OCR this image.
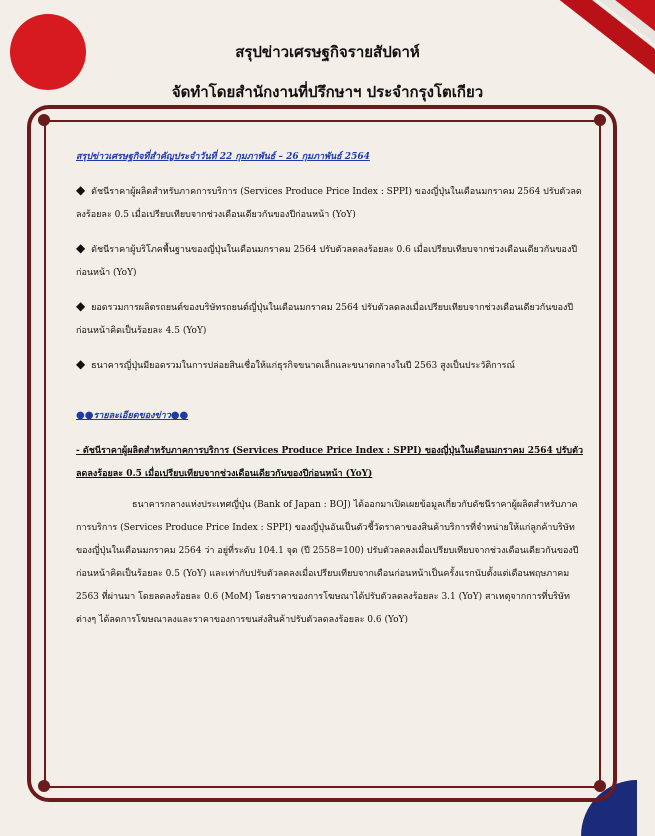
สรุปข่าวเศรษฐกิจรายสัปดาห์
จัดทำโดยสำนักงานที่ปรึกษาฯ ประจำกรุงโตเกียว

สรุปข่าวเศรษฐกิจที่สำคัญประจำวันที่ 22 กุมภาพันธ์ – 26 กุมภาพันธ์ 2564

◆ ดัชนีราคาผู้ผลิตสำหรับภาคการบริการ (Services Produce Price Index : SPPI) ของญี่ปุ่นในเดือนมกราคม 2564 ปรับตัวลดลงร้อยละ 0.5 เมื่อเปรียบเทียบจากช่วงเดือนเดียวกันของปีก่อนหน้า (YoY)

◆ ดัชนีราคาผู้บริโภคพื้นฐานของญี่ปุ่นในเดือนมกราคม 2564 ปรับตัวลดลงร้อยละ 0.6 เมื่อเปรียบเทียบจากช่วงเดือนเดียวกันของปีก่อนหน้า (YoY)

◆ ยอดรวมการผลิตรถยนต์ของบริษัทรถยนต์ญี่ปุ่นในเดือนมกราคม 2564 ปรับตัวลดลงเมื่อเปรียบเทียบจากช่วงเดือนเดียวกันของปีก่อนหน้าคิดเป็นร้อยละ 4.5 (YoY)

◆ ธนาคารญี่ปุ่นมียอดรวมในการปล่อยสินเชื่อให้แก่ธุรกิจขนาดเล็กและขนาดกลางในปี 2563 สูงเป็นประวัติการณ์

●●รายละเอียดของข่าว●●

- ดัชนีราคาผู้ผลิตสำหรับภาคการบริการ (Services Produce Price Index : SPPI) ของญี่ปุ่นในเดือนมกราคม 2564 ปรับตัวลดลงร้อยละ 0.5 เมื่อเปรียบเทียบจากช่วงเดือนเดียวกันของปีก่อนหน้า (YoY)

ธนาคารกลางแห่งประเทศญี่ปุ่น (Bank of Japan : BOJ) ได้ออกมาเปิดเผยข้อมูลเกี่ยวกับดัชนีราคาผู้ผลิตสำหรับภาคการบริการ (Services Produce Price Index : SPPI) ของญี่ปุ่นอันเป็นตัวชี้วัดราคาของสินค้าบริการที่จำหน่ายให้แก่ลูกค้าบริษัทของญี่ปุ่นในเดือนมกราคม 2564 ว่า อยู่ที่ระดับ 104.1 จุด (ปี 2558=100) ปรับตัวลดลงเมื่อเปรียบเทียบจากช่วงเดือนเดียวกันของปีก่อนหน้าคิดเป็นร้อยละ 0.5 (YoY) และเท่ากับปรับตัวลดลงเมื่อเปรียบเทียบจากเดือนก่อนหน้าเป็นครั้งแรกนับตั้งแต่เดือนพฤษภาคม 2563 ที่ผ่านมา โดยลดลงร้อยละ 0.6 (MoM) โดยราคาของการโฆษณาได้ปรับตัวลดลงร้อยละ 3.1 (YoY) สาเหตุจากการที่บริษัทต่างๆ ได้ลดการโฆษณาลงและราคาของการขนส่งสินค้าปรับตัวลดลงร้อยละ 0.6 (YoY)
